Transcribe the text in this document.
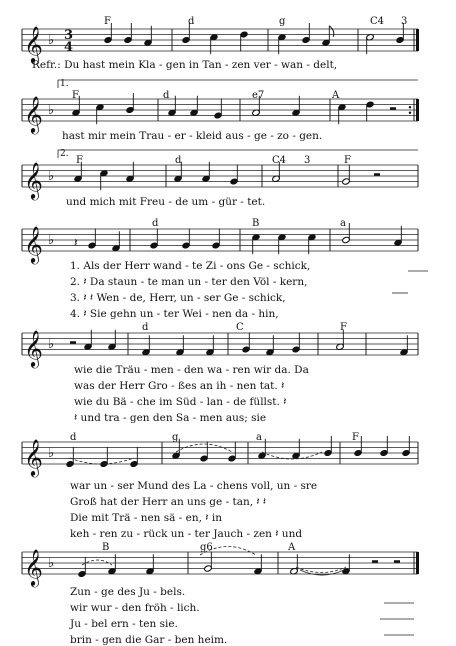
𝄞 ♭ 3
4
𝄞 ♭
𝄞 ♭
𝄞 ♭ 𝄽
𝄞 ♭
𝄞 ♭
𝄞 ♭
F	d	g	C4 3
Refr.: Du hast mein Kla - gen in Tan - zen ver - wan - delt,
1.
F	d	e7	A
hast mir mein Trau - er - kleid aus - ge - zo - gen.
2.
F	d	C4 3	F
und mich mit Freu - de um - gür - tet.
d	B	a
1. Als der Herr wand - te Zi - ons Ge - schick,
2. 𝄽 Da staun - te man un - ter den Völ - kern,
3. 𝄽 𝄽 Wen - de, Herr, un - ser Ge - schick,
4. 𝄽 Sie gehn un - ter Wei - nen da - hin,
d	C	F
wie die Träu - men - den wa - ren wir da. Da
was der Herr Gro - ßes an ih - nen tat. 𝄽
wie du Bä - che im Süd - lan - de füllst. 𝄽
𝄽 und tra - gen den Sa - men aus; sie
d	g	a	F
war un - ser Mund des La - chens voll, un - sre
Groß hat der Herr an uns ge - tan, 𝄽 𝄽
Die mit Trä - nen sä - en, 𝄽 in
keh - ren zu - rück un - ter Jauch - zen 𝄽 und
B	g6	A
Zun - ge des Ju - bels.
wir wur - den fröh - lich.
Ju - bel ern - ten sie.
brin - gen die Gar - ben heim.
